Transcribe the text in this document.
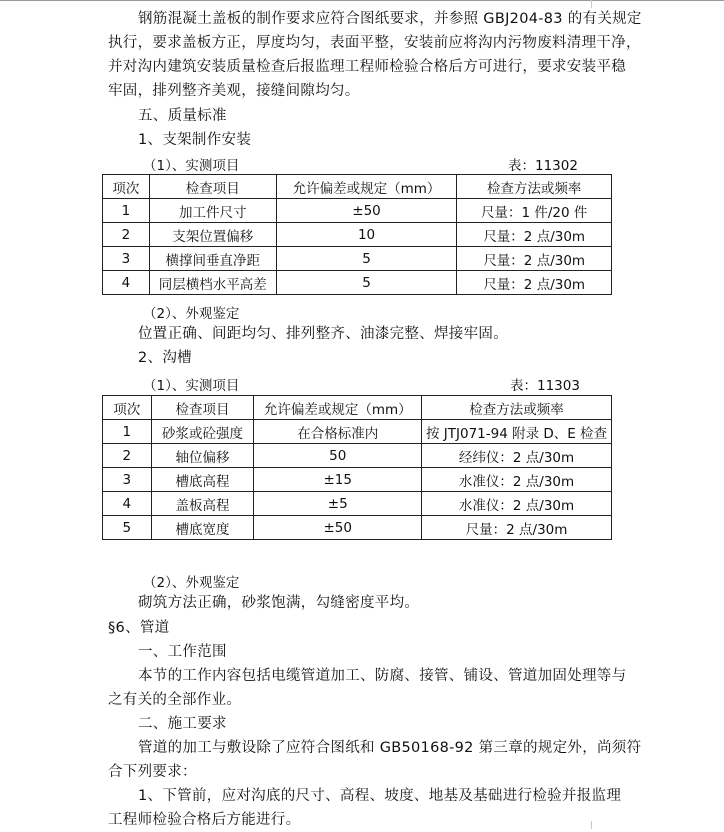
钢筋混凝土盖板的制作要求应符合图纸要求，并参照 GBJ204-83 的有关规定
执行，要求盖板方正，厚度均匀，表面平整，安装前应将沟内污物废料清理干净，
并对沟内建筑安装质量检查后报监理工程师检验合格后方可进行，要求安装平稳
牢固，排列整齐美观，接缝间隙均匀。
五、质量标准
1、支架制作安装
（1）、实测项目	表：11302
项次	检查项目	允许偏差或规定（mm）	检查方法或频率
1	加工件尺寸	±50	尺量：1 件/20 件
2	支架位置偏移	10	尺量：2 点/30m
3	横撑间垂直净距	5	尺量：2 点/30m
4	同层横档水平高差	5	尺量：2 点/30m
（2）、外观鉴定
位置正确、间距均匀、排列整齐、油漆完整、焊接牢固。
2、沟槽
（1）、实测项目	表：11303
项次	检查项目	允许偏差或规定（mm）	检查方法或频率
1	砂浆或砼强度	在合格标准内	按 JTJ071-94 附录 D、E 检查
2	轴位偏移	50	经纬仪：2 点/30m
3	槽底高程	±15	水准仪：2 点/30m
4	盖板高程	±5	水准仪：2 点/30m
5	槽底宽度	±50	尺量：2 点/30m
（2）、外观鉴定
砌筑方法正确，砂浆饱满，勾缝密度平均。
§6、管道
一、工作范围
本节的工作内容包括电缆管道加工、防腐、接管、铺设、管道加固处理等与
之有关的全部作业。
二、施工要求
管道的加工与敷设除了应符合图纸和 GB50168-92 第三章的规定外，尚须符
合下列要求：
1、下管前，应对沟底的尺寸、高程、坡度、地基及基础进行检验并报监理
工程师检验合格后方能进行。
